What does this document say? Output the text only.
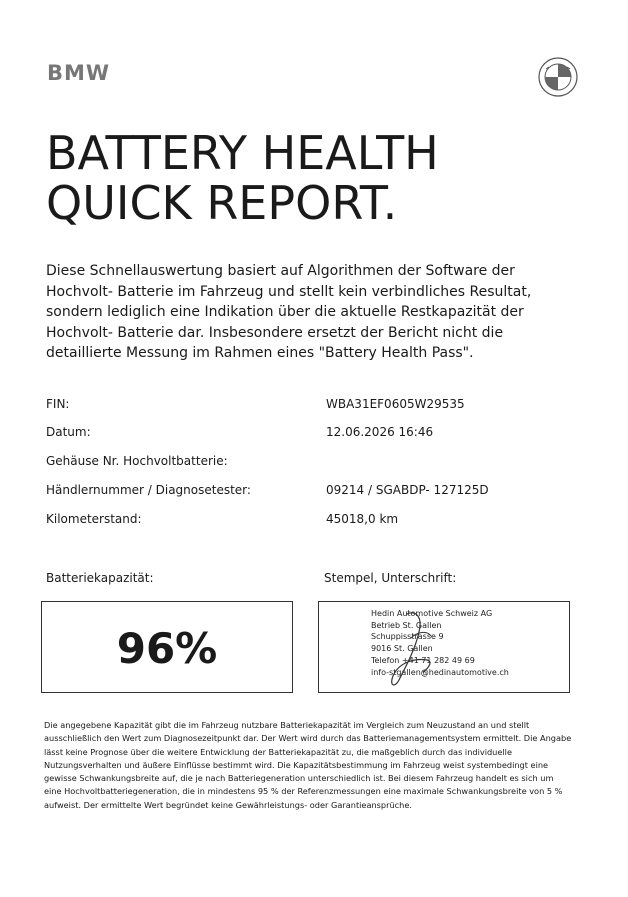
BMW
BATTERY HEALTH
QUICK REPORT.
Diese Schnellauswertung basiert auf Algorithmen der Software der Hochvolt- Batterie im Fahrzeug und stellt kein verbindliches Resultat, sondern lediglich eine Indikation über die aktuelle Restkapazität der Hochvolt- Batterie dar. Insbesondere ersetzt der Bericht nicht die detaillierte Messung im Rahmen eines "Battery Health Pass".
FIN:	WBA31EF0605W29535
Datum:	12.06.2026 16:46
Gehäuse Nr. Hochvoltbatterie:
Händlernummer / Diagnosetester:	09214 / SGABDP- 127125D
Kilometerstand:	45018,0 km
Batteriekapazität:	Stempel, Unterschrift:
96%
Hedin Automotive Schweiz AG
Betrieb St. Gallen
Schuppisstrasse 9
9016 St. Gallen
Telefon +41 71 282 49 69
info-stgallen@hedinautomotive.ch
Die angegebene Kapazität gibt die im Fahrzeug nutzbare Batteriekapazität im Vergleich zum Neuzustand an und stellt ausschließlich den Wert zum Diagnosezeitpunkt dar. Der Wert wird durch das Batteriemanagementsystem ermittelt. Die Angabe lässt keine Prognose über die weitere Entwicklung der Batteriekapazität zu, die maßgeblich durch das individuelle Nutzungsverhalten und äußere Einflüsse bestimmt wird. Die Kapazitätsbestimmung im Fahrzeug weist systembedingt eine gewisse Schwankungsbreite auf, die je nach Batteriegeneration unterschiedlich ist. Bei diesem Fahrzeug handelt es sich um eine Hochvoltbatteriegeneration, die in mindestens 95 % der Referenzmessungen eine maximale Schwankungsbreite von 5 % aufweist. Der ermittelte Wert begründet keine Gewährleistungs- oder Garantieansprüche.
